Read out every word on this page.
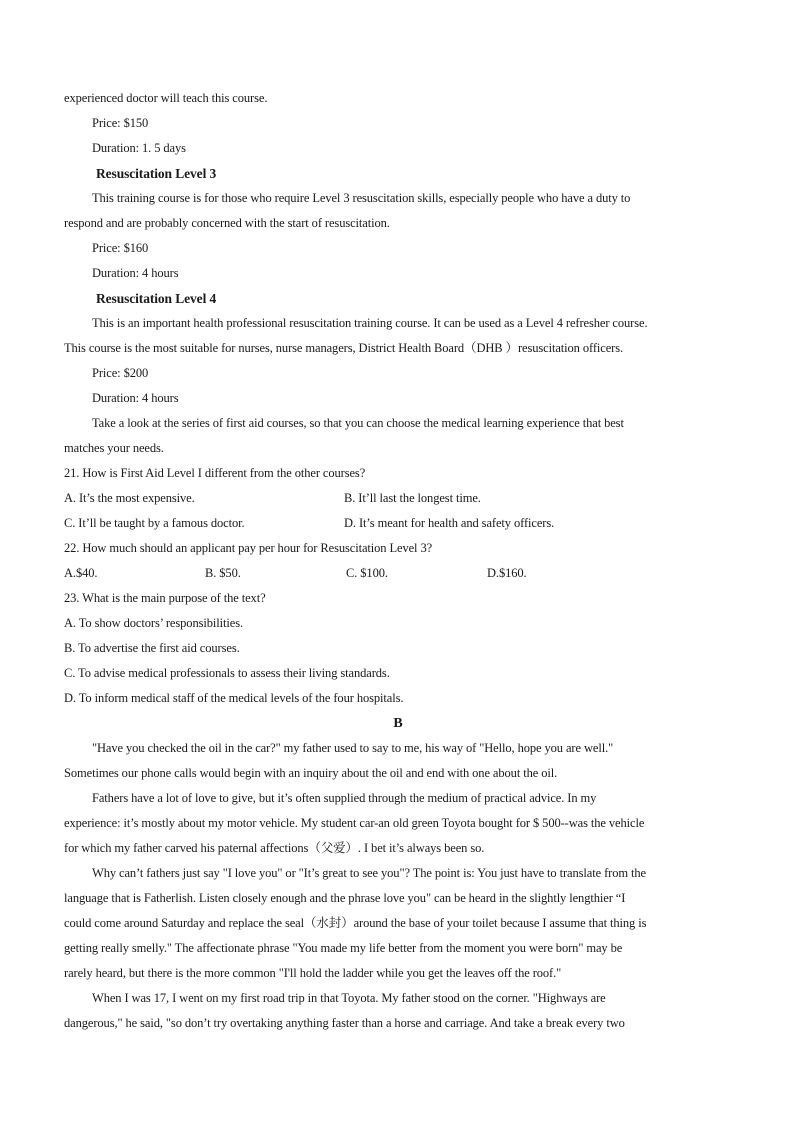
experienced doctor will teach this course.
Price: $150
Duration: 1. 5 days
Resuscitation Level 3
This training course is for those who require Level 3 resuscitation skills, especially people who have a duty to
respond and are probably concerned with the start of resuscitation.
Price: $160
Duration: 4 hours
Resuscitation Level 4
This is an important health professional resuscitation training course. It can be used as a Level 4 refresher course.
This course is the most suitable for nurses, nurse managers, District Health Board（DHB ）resuscitation officers.
Price: $200
Duration: 4 hours
Take a look at the series of first aid courses, so that you can choose the medical learning experience that best
matches your needs.
21. How is First Aid Level I different from the other courses?
A. It’s the most expensive.	B. It’ll last the longest time.
C. It’ll be taught by a famous doctor.	D. It’s meant for health and safety officers.
22. How much should an applicant pay per hour for Resuscitation Level 3?
A.$40.	B. $50.	C. $100.	D.$160.
23. What is the main purpose of the text?
A. To show doctors’ responsibilities.
B. To advertise the first aid courses.
C. To advise medical professionals to assess their living standards.
D. To inform medical staff of the medical levels of the four hospitals.
B
"Have you checked the oil in the car?" my father used to say to me, his way of "Hello, hope you are well."
Sometimes our phone calls would begin with an inquiry about the oil and end with one about the oil.
Fathers have a lot of love to give, but it’s often supplied through the medium of practical advice. In my
experience: it’s mostly about my motor vehicle. My student car-an old green Toyota bought for $ 500--was the vehicle
for which my father carved his paternal affections（父爱）. I bet it’s always been so.
Why can’t fathers just say "I love you" or "It’s great to see you"? The point is: You just have to translate from the
language that is Fatherlish. Listen closely enough and the phrase love you" can be heard in the slightly lengthier “I
could come around Saturday and replace the seal（水封）around the base of your toilet because I assume that thing is
getting really smelly." The affectionate phrase "You made my life better from the moment you were born" may be
rarely heard, but there is the more common "I'll hold the ladder while you get the leaves off the roof."
When I was 17, I went on my first road trip in that Toyota. My father stood on the corner. "Highways are
dangerous," he said, "so don’t try overtaking anything faster than a horse and carriage. And take a break every two
